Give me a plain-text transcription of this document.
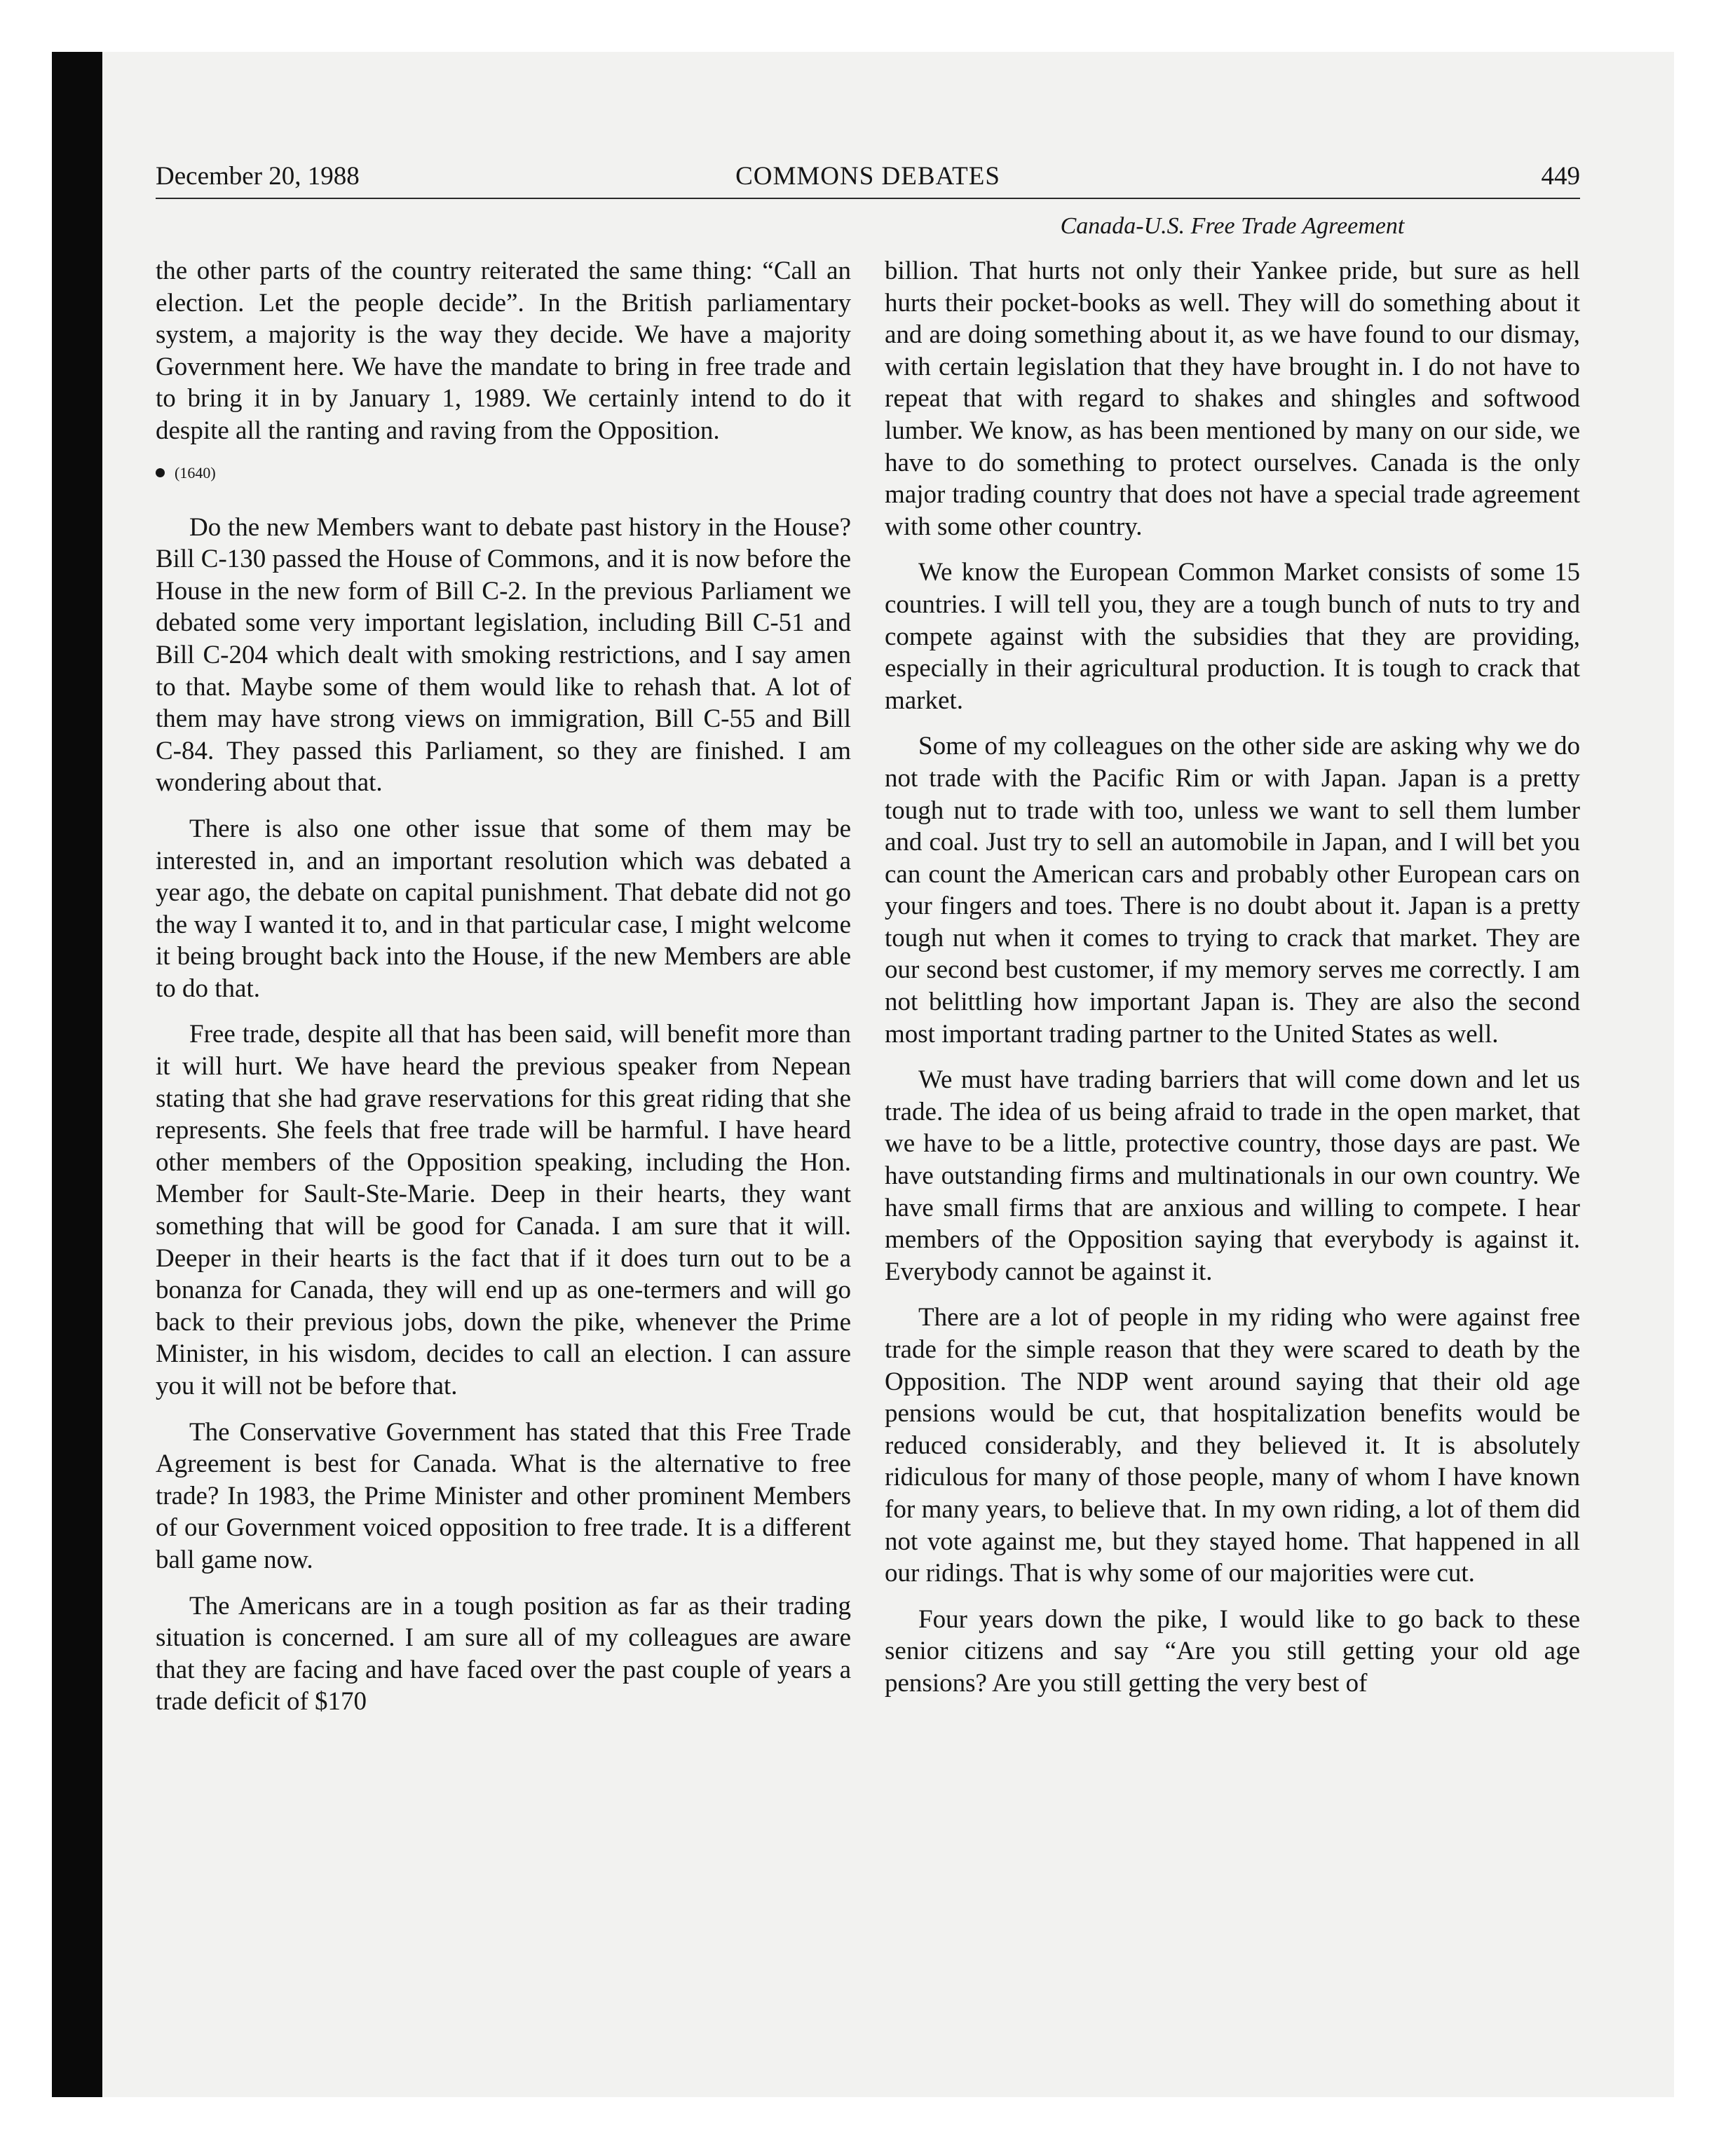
December 20, 1988	COMMONS DEBATES	449
Canada-U.S. Free Trade Agreement

the other parts of the country reiterated the same thing: “Call an election. Let the people decide”. In the British parliamentary system, a majority is the way they decide. We have a majority Government here. We have the mandate to bring in free trade and to bring it in by January 1, 1989. We certainly intend to do it despite all the ranting and raving from the Opposition.

(1640)

Do the new Members want to debate past history in the House? Bill C-130 passed the House of Commons, and it is now before the House in the new form of Bill C-2. In the previous Parliament we debated some very important legislation, including Bill C-51 and Bill C-204 which dealt with smoking restrictions, and I say amen to that. Maybe some of them would like to rehash that. A lot of them may have strong views on immigration, Bill C-55 and Bill C-84. They passed this Parliament, so they are finished. I am wondering about that.

There is also one other issue that some of them may be interested in, and an important resolution which was debated a year ago, the debate on capital punishment. That debate did not go the way I wanted it to, and in that particular case, I might welcome it being brought back into the House, if the new Members are able to do that.

Free trade, despite all that has been said, will benefit more than it will hurt. We have heard the previous speaker from Nepean stating that she had grave reservations for this great riding that she represents. She feels that free trade will be harmful. I have heard other members of the Opposition speaking, including the Hon. Member for Sault-Ste-Marie. Deep in their hearts, they want something that will be good for Canada. I am sure that it will. Deeper in their hearts is the fact that if it does turn out to be a bonanza for Canada, they will end up as one-termers and will go back to their previous jobs, down the pike, whenever the Prime Minister, in his wisdom, decides to call an election. I can assure you it will not be before that.

The Conservative Government has stated that this Free Trade Agreement is best for Canada. What is the alternative to free trade? In 1983, the Prime Minister and other prominent Members of our Government voiced opposition to free trade. It is a different ball game now.

The Americans are in a tough position as far as their trading situation is concerned. I am sure all of my colleagues are aware that they are facing and have faced over the past couple of years a trade deficit of $170

billion. That hurts not only their Yankee pride, but sure as hell hurts their pocket-books as well. They will do something about it and are doing something about it, as we have found to our dismay, with certain legislation that they have brought in. I do not have to repeat that with regard to shakes and shingles and softwood lumber. We know, as has been mentioned by many on our side, we have to do something to protect ourselves. Canada is the only major trading country that does not have a special trade agreement with some other country.

We know the European Common Market consists of some 15 countries. I will tell you, they are a tough bunch of nuts to try and compete against with the subsidies that they are providing, especially in their agricultural production. It is tough to crack that market.

Some of my colleagues on the other side are asking why we do not trade with the Pacific Rim or with Japan. Japan is a pretty tough nut to trade with too, unless we want to sell them lumber and coal. Just try to sell an automobile in Japan, and I will bet you can count the American cars and probably other European cars on your fingers and toes. There is no doubt about it. Japan is a pretty tough nut when it comes to trying to crack that market. They are our second best customer, if my memory serves me correctly. I am not belittling how important Japan is. They are also the second most important trading partner to the United States as well.

We must have trading barriers that will come down and let us trade. The idea of us being afraid to trade in the open market, that we have to be a little, protective country, those days are past. We have outstanding firms and multinationals in our own country. We have small firms that are anxious and willing to compete. I hear members of the Opposition saying that everybody is against it. Everybody cannot be against it.

There are a lot of people in my riding who were against free trade for the simple reason that they were scared to death by the Opposition. The NDP went around saying that their old age pensions would be cut, that hospitalization benefits would be reduced considerably, and they believed it. It is absolutely ridiculous for many of those people, many of whom I have known for many years, to believe that. In my own riding, a lot of them did not vote against me, but they stayed home. That happened in all our ridings. That is why some of our majorities were cut.

Four years down the pike, I would like to go back to these senior citizens and say “Are you still getting your old age pensions? Are you still getting the very best of
